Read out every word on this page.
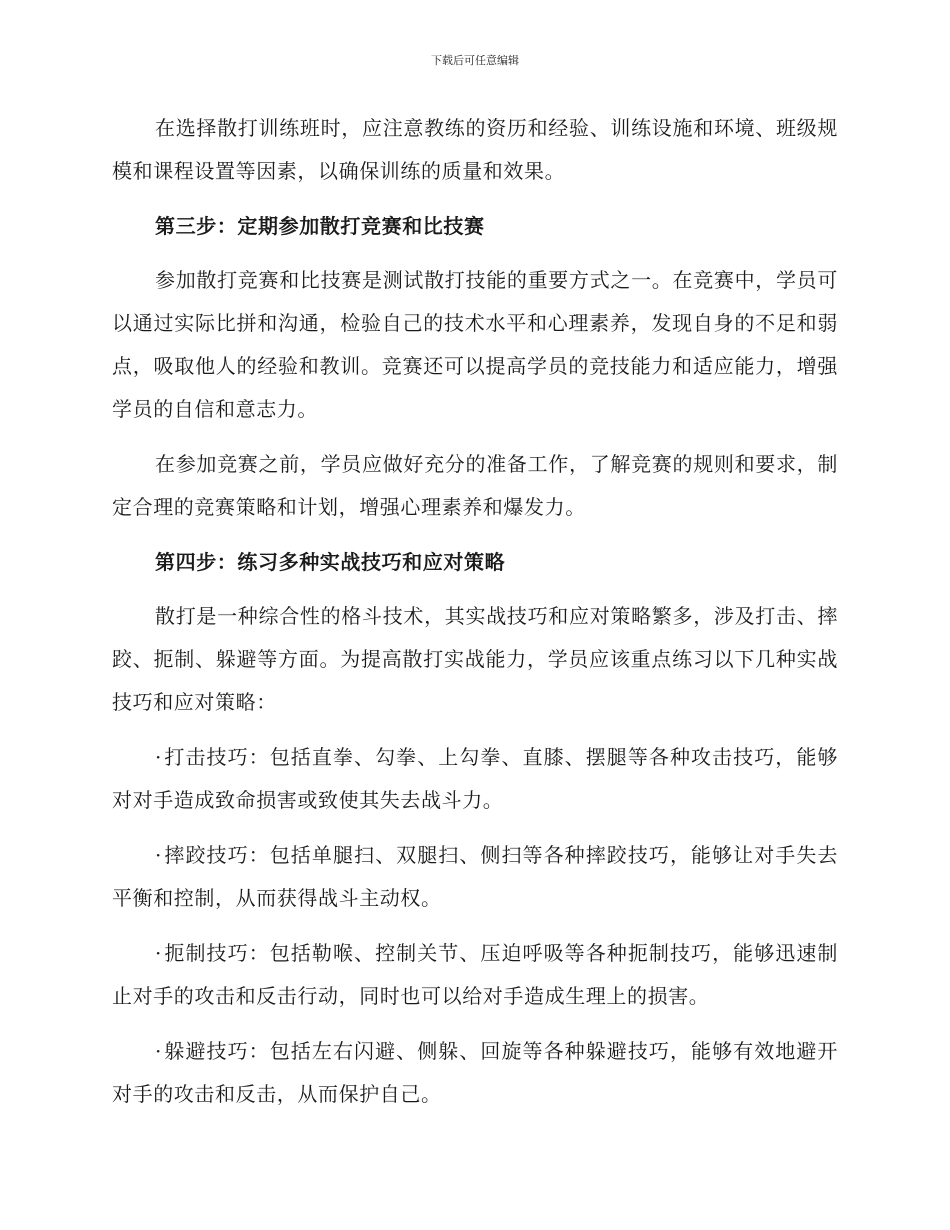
下载后可任意编辑

在选择散打训练班时，应注意教练的资历和经验、训练设施和环境、班级规模和课程设置等因素，以确保训练的质量和效果。

第三步：定期参加散打竞赛和比技赛

参加散打竞赛和比技赛是测试散打技能的重要方式之一。在竞赛中，学员可以通过实际比拼和沟通，检验自己的技术水平和心理素养，发现自身的不足和弱点，吸取他人的经验和教训。竞赛还可以提高学员的竞技能力和适应能力，增强学员的自信和意志力。

在参加竞赛之前，学员应做好充分的准备工作，了解竞赛的规则和要求，制定合理的竞赛策略和计划，增强心理素养和爆发力。

第四步：练习多种实战技巧和应对策略

散打是一种综合性的格斗技术，其实战技巧和应对策略繁多，涉及打击、摔跤、扼制、躲避等方面。为提高散打实战能力，学员应该重点练习以下几种实战技巧和应对策略：

· 打击技巧：包括直拳、勾拳、上勾拳、直膝、摆腿等各种攻击技巧，能够对对手造成致命损害或致使其失去战斗力。

· 摔跤技巧：包括单腿扫、双腿扫、侧扫等各种摔跤技巧，能够让对手失去平衡和控制，从而获得战斗主动权。

· 扼制技巧：包括勒喉、控制关节、压迫呼吸等各种扼制技巧，能够迅速制止对手的攻击和反击行动，同时也可以给对手造成生理上的损害。

· 躲避技巧：包括左右闪避、侧躲、回旋等各种躲避技巧，能够有效地避开对手的攻击和反击，从而保护自己。
